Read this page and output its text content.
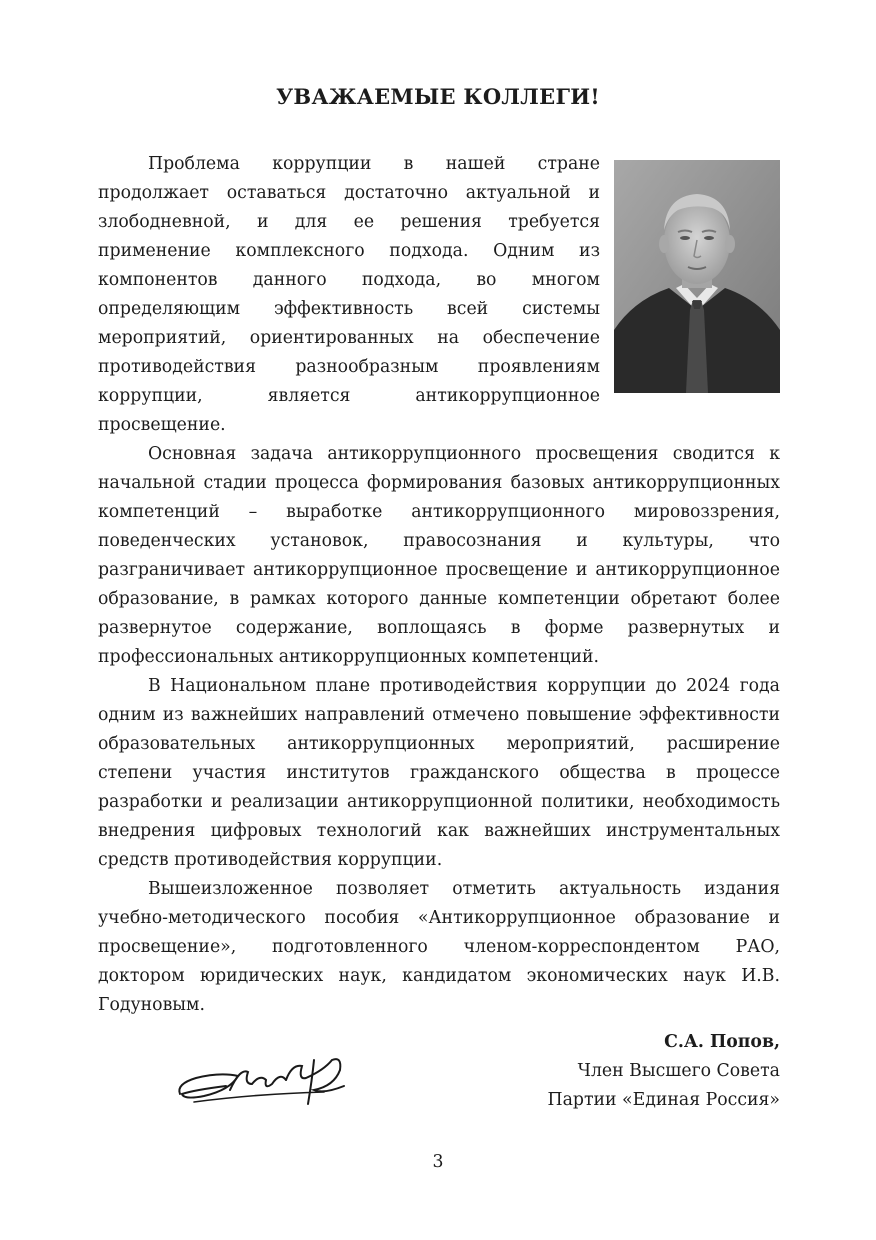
УВАЖАЕМЫЕ КОЛЛЕГИ!

Проблема коррупции в нашей стране продолжает оставаться достаточно актуальной и злободневной, и для ее решения требуется применение комплексного подхода. Одним из компонентов данного подхода, во многом определяющим эффективность всей системы мероприятий, ориентированных на обеспечение противодействия разнообразным проявлениям коррупции, является антикоррупционное просвещение.

Основная задача антикоррупционного просвещения сводится к начальной стадии процесса формирования базовых антикоррупционных компетенций – выработке антикоррупционного мировоззрения, поведенческих установок, правосознания и культуры, что разграничивает антикоррупционное просвещение и антикоррупционное образование, в рамках которого данные компетенции обретают более развернутое содержание, воплощаясь в форме развернутых и профессиональных антикоррупционных компетенций.

В Национальном плане противодействия коррупции до 2024 года одним из важнейших направлений отмечено повышение эффективности образовательных антикоррупционных мероприятий, расширение степени участия институтов гражданского общества в процессе разработки и реализации антикоррупционной политики, необходимость внедрения цифровых технологий как важнейших инструментальных средств противодействия коррупции.

Вышеизложенное позволяет отметить актуальность издания учебно-методического пособия «Антикоррупционное образование и просвещение», подготовленного членом-корреспондентом РАО, доктором юридических наук, кандидатом экономических наук И.В. Годуновым.

С.А. Попов,
Член Высшего Совета
Партии «Единая Россия»
3
